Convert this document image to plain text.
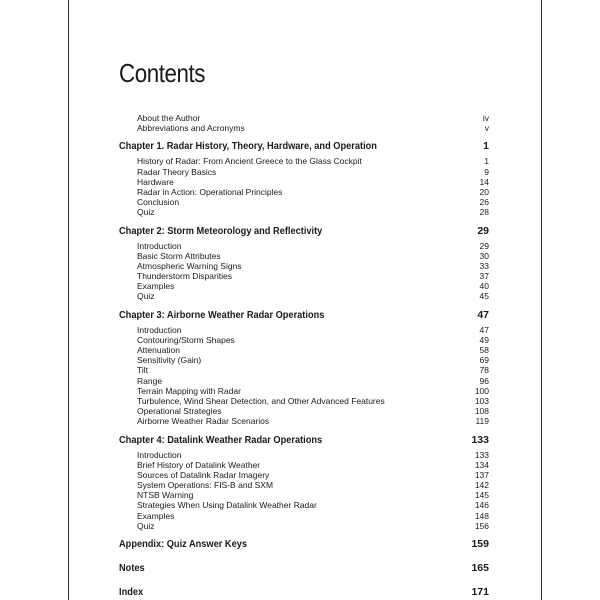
Contents
About the Author	iv
Abbreviations and Acronyms	v
Chapter 1. Radar History, Theory, Hardware, and Operation	1
History of Radar: From Ancient Greece to the Glass Cockpit	1
Radar Theory Basics	9
Hardware	14
Radar in Action: Operational Principles	20
Conclusion	26
Quiz	28
Chapter 2: Storm Meteorology and Reflectivity	29
Introduction	29
Basic Storm Attributes	30
Atmospheric Warning Signs	33
Thunderstorm Disparities	37
Examples	40
Quiz	45
Chapter 3: Airborne Weather Radar Operations	47
Introduction	47
Contouring/Storm Shapes	49
Attenuation	58
Sensitivity (Gain)	69
Tilt	78
Range	96
Terrain Mapping with Radar	100
Turbulence, Wind Shear Detection, and Other Advanced Features	103
Operational Strategies	108
Airborne Weather Radar Scenarios	119
Chapter 4: Datalink Weather Radar Operations	133
Introduction	133
Brief History of Datalink Weather	134
Sources of Datalink Radar Imagery	137
System Operations: FIS-B and SXM	142
NTSB Warning	145
Strategies When Using Datalink Weather Radar	146
Examples	148
Quiz	156
Appendix: Quiz Answer Keys	159
Notes	165
Index	171
